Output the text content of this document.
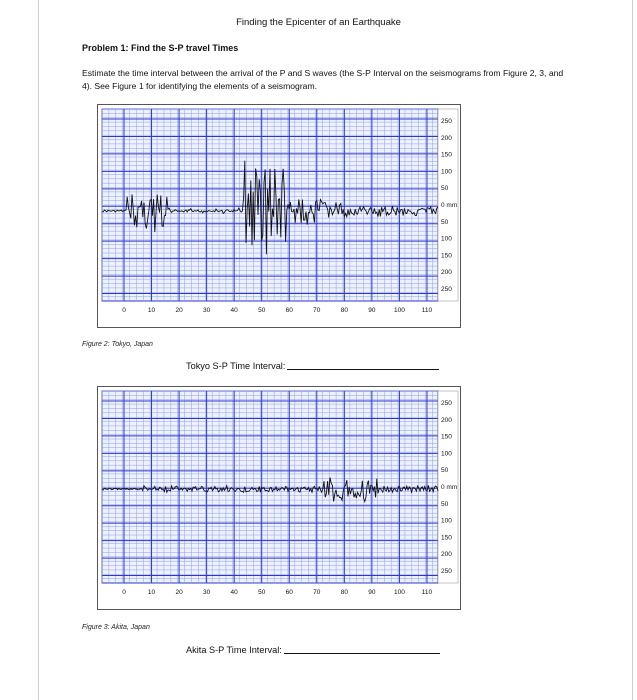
Finding the Epicenter of an Earthquake
Problem 1: Find the S-P travel Times
Estimate the time interval between the arrival of the P and S waves (the S-P Interval on the seismograms from Figure 2, 3, and 4). See Figure 1 for identifying the elements of a seismogram.
250
200
150
100
50
0 mm
50
100
150
200
250
0	10	20	30	40	50	60	70	80	90	100	110
Figure 2: Tokyo, Japan
Tokyo S-P Time Interval:
250
200
150
100
50
0 mm
50
100
150
200
250
0	10	20	30	40	50	60	70	80	90	100	110
Figure 3: Akita, Japan
Akita S-P Time Interval:
